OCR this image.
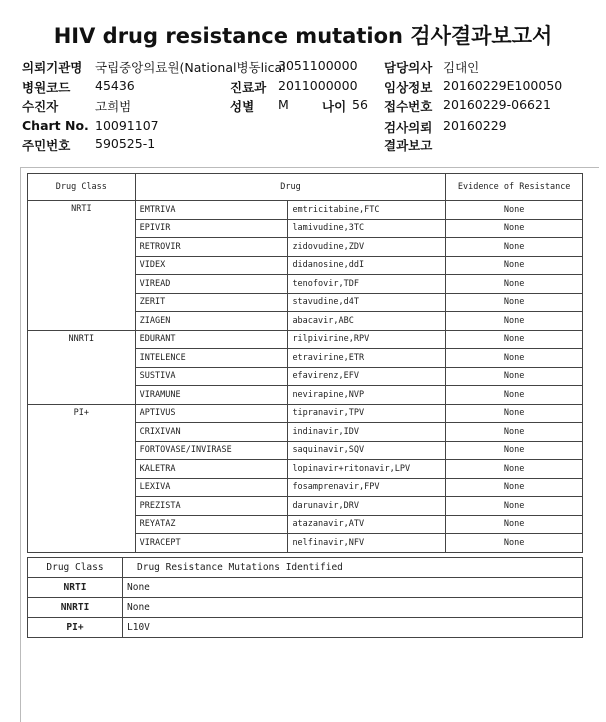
HIV drug resistance mutation 검사결과보고서
의뢰기관명 국립중앙의료원(National병동lical
3051100000 담당의사 김대인
병원코드 45436	진료과 2011000000 임상정보 20160229E100050
수진자	고희범	성별 M	나이 56 접수번호 20160229-06621
Chart No. 10091107	검사의뢰 20160229
주민번호 590525-1	결과보고
Drug Class	Drug		Evidence of Resistance
NRTI	EMTRIVA	emtricitabine,FTC	None
	EPIVIR	lamivudine,3TC	None
	RETROVIR	zidovudine,ZDV	None
	VIDEX	didanosine,ddI	None
	VIREAD	tenofovir,TDF	None
	ZERIT	stavudine,d4T	None
	ZIAGEN	abacavir,ABC	None
NNRTI	EDURANT	rilpivirine,RPV	None
	INTELENCE	etravirine,ETR	None
	SUSTIVA	efavirenz,EFV	None
	VIRAMUNE	nevirapine,NVP	None
PI+	APTIVUS	tipranavir,TPV	None
	CRIXIVAN	indinavir,IDV	None
	FORTOVASE/INVIRASE	saquinavir,SQV	None
	KALETRA	lopinavir+ritonavir,LPV	None
	LEXIVA	fosamprenavir,FPV	None
	PREZISTA	darunavir,DRV	None
	REYATAZ	atazanavir,ATV	None
	VIRACEPT	nelfinavir,NFV	None
Drug Class	Drug Resistance Mutations Identified
NRTI	None
NNRTI	None
PI+	L10V
